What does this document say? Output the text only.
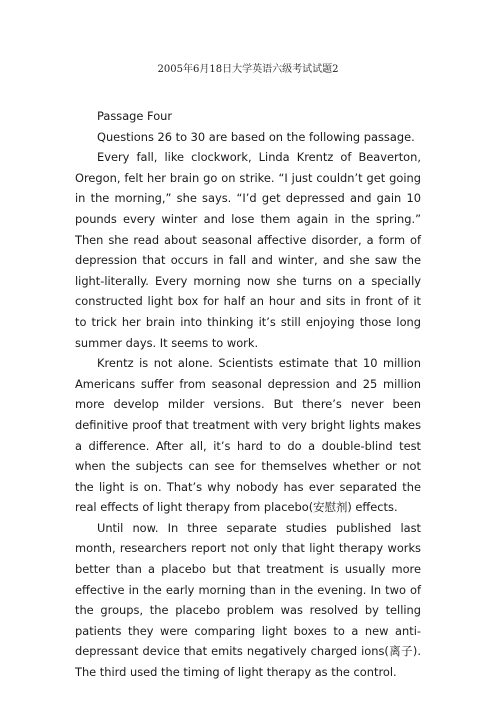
2005年6月18日大学英语六级考试试题2

Passage Four

Questions 26 to 30 are based on the following passage.

Every fall, like clockwork, Linda Krentz of Beaverton, Oregon, felt her brain go on strike. “I just couldn’t get going in the morning,” she says. “I’d get depressed and gain 10 pounds every winter and lose them again in the spring.” Then she read about seasonal affective disorder, a form of depression that occurs in fall and winter, and she saw the light-literally. Every morning now she turns on a specially constructed light box for half an hour and sits in front of it to trick her brain into thinking it’s still enjoying those long summer days. It seems to work.

Krentz is not alone. Scientists estimate that 10 million Americans suffer from seasonal depression and 25 million more develop milder versions. But there’s never been definitive proof that treatment with very bright lights makes a difference. After all, it’s hard to do a double-blind test when the subjects can see for themselves whether or not the light is on. That’s why nobody has ever separated the real effects of light therapy from placebo(安慰剂) effects.

Until now. In three separate studies published last month, researchers report not only that light therapy works better than a placebo but that treatment is usually more effective in the early morning than in the evening. In two of the groups, the placebo problem was resolved by telling patients they were comparing light boxes to a new anti-depressant device that emits negatively charged ions(离子). The third used the timing of light therapy as the control.
